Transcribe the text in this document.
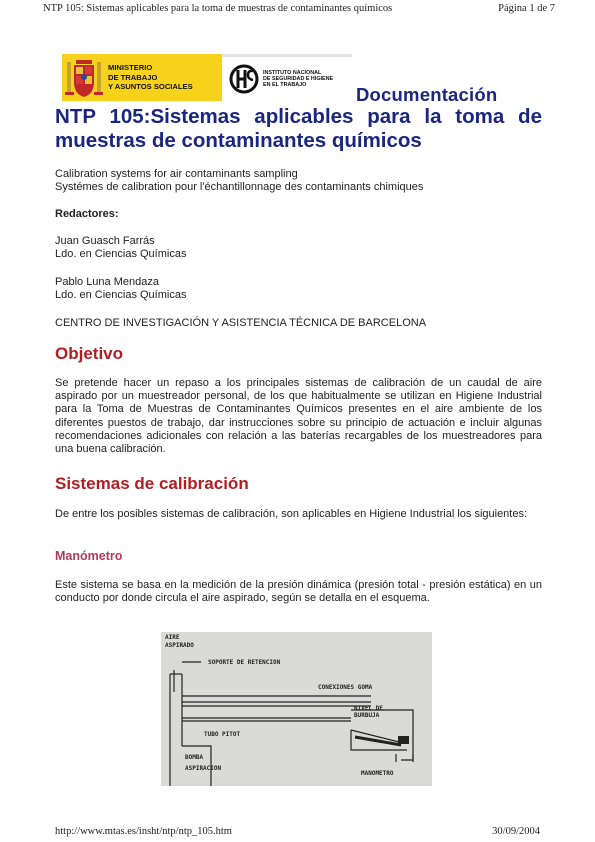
NTP 105: Sistemas aplicables para la toma de muestras de contaminantes químicos	Página 1 de 7
MINISTERIO
DE TRABAJO
Y ASUNTOS SOCIALES
INSTITUTO NACIONAL
DE SEGURIDAD E HIGIENE
EN EL TRABAJO	Documentación
NTP 105:Sistemas aplicables para la toma de muestras de contaminantes químicos
Calibration systems for air contaminants sampling
Systémes de calibration pour l'échantillonnage des contaminants chimiques
Redactores:
Juan Guasch Farrás
Ldo. en Ciencias Químicas
Pablo Luna Mendaza
Ldo. en Ciencias Químicas
CENTRO DE INVESTIGACIÓN Y ASISTENCIA TÉCNICA DE BARCELONA
Objetivo
Se pretende hacer un repaso a los principales sistemas de calibración de un caudal de aire aspirado por un muestreador personal, de los que habitualmente se utilizan en Higiene Industrial para la Toma de Muestras de Contaminantes Químicos presentes en el aire ambiente de los diferentes puestos de trabajo, dar instrucciones sobre su principio de actuación e incluir algunas recomendaciones adicionales con relación a las baterías recargables de los muestreadores para una buena calibración.
Sistemas de calibración
De entre los posibles sistemas de calibración, son aplicables en Higiene Industrial los siguientes:
Manómetro
Este sistema se basa en la medición de la presión dinámica (presión total - presión estática) en un conducto por donde circula el aire aspirado, según se detalla en el esquema.
AIRE
ASPIRADO
SOPORTE DE RETENCION
CONEXIONES GOMA
NIVEL DE
BURBUJA
TUBO PITOT
BOMBA
ASPIRACION
MANOMETRO
http://www.mtas.es/insht/ntp/ntp_105.htm	30/09/2004
